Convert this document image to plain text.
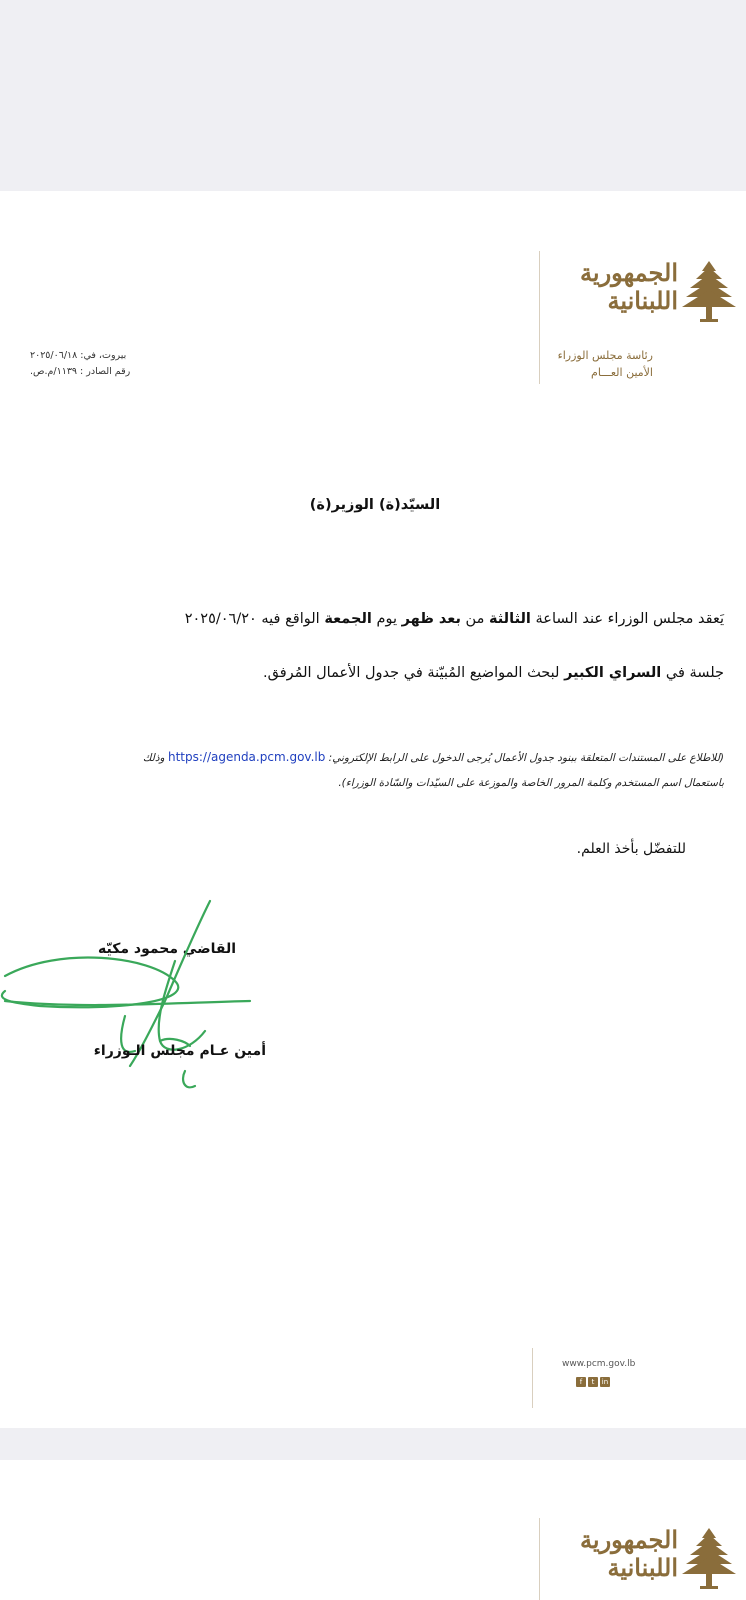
الجمهورية
اللبنانية
رئاسة مجلس الوزراء
الأمين العـــام
بيروت، في: ٢٠٢٥/٠٦/١٨
رقم الصادر : ١١٣٩/م.ص.
السيّد(ة) الوزير(ة)
يَعقد مجلس الوزراء عند الساعة الثالثة من بعد ظهر يوم الجمعة الواقع فيه ٢٠٢٥/٠٦/٢٠
جلسة في السراي الكبير لبحث المواضيع المُبيّنة في جدول الأعمال المُرفق.
(للاطلاع على المستندات المتعلقة ببنود جدول الأعمال يُرجى الدخول على الرابط الإلكتروني: https://agenda.pcm.gov.lb وذلك
باستعمال اسم المستخدم وكلمة المرور الخاصة والموزعة على السيّدات والسّادة الوزراء).
للتفضّل بأخذ العلم.
القاضي محمود مكيّه
أمين عـام مجلس الـوزراء
www.pcm.gov.lb
f	t	in
الجمهورية
اللبنانية
